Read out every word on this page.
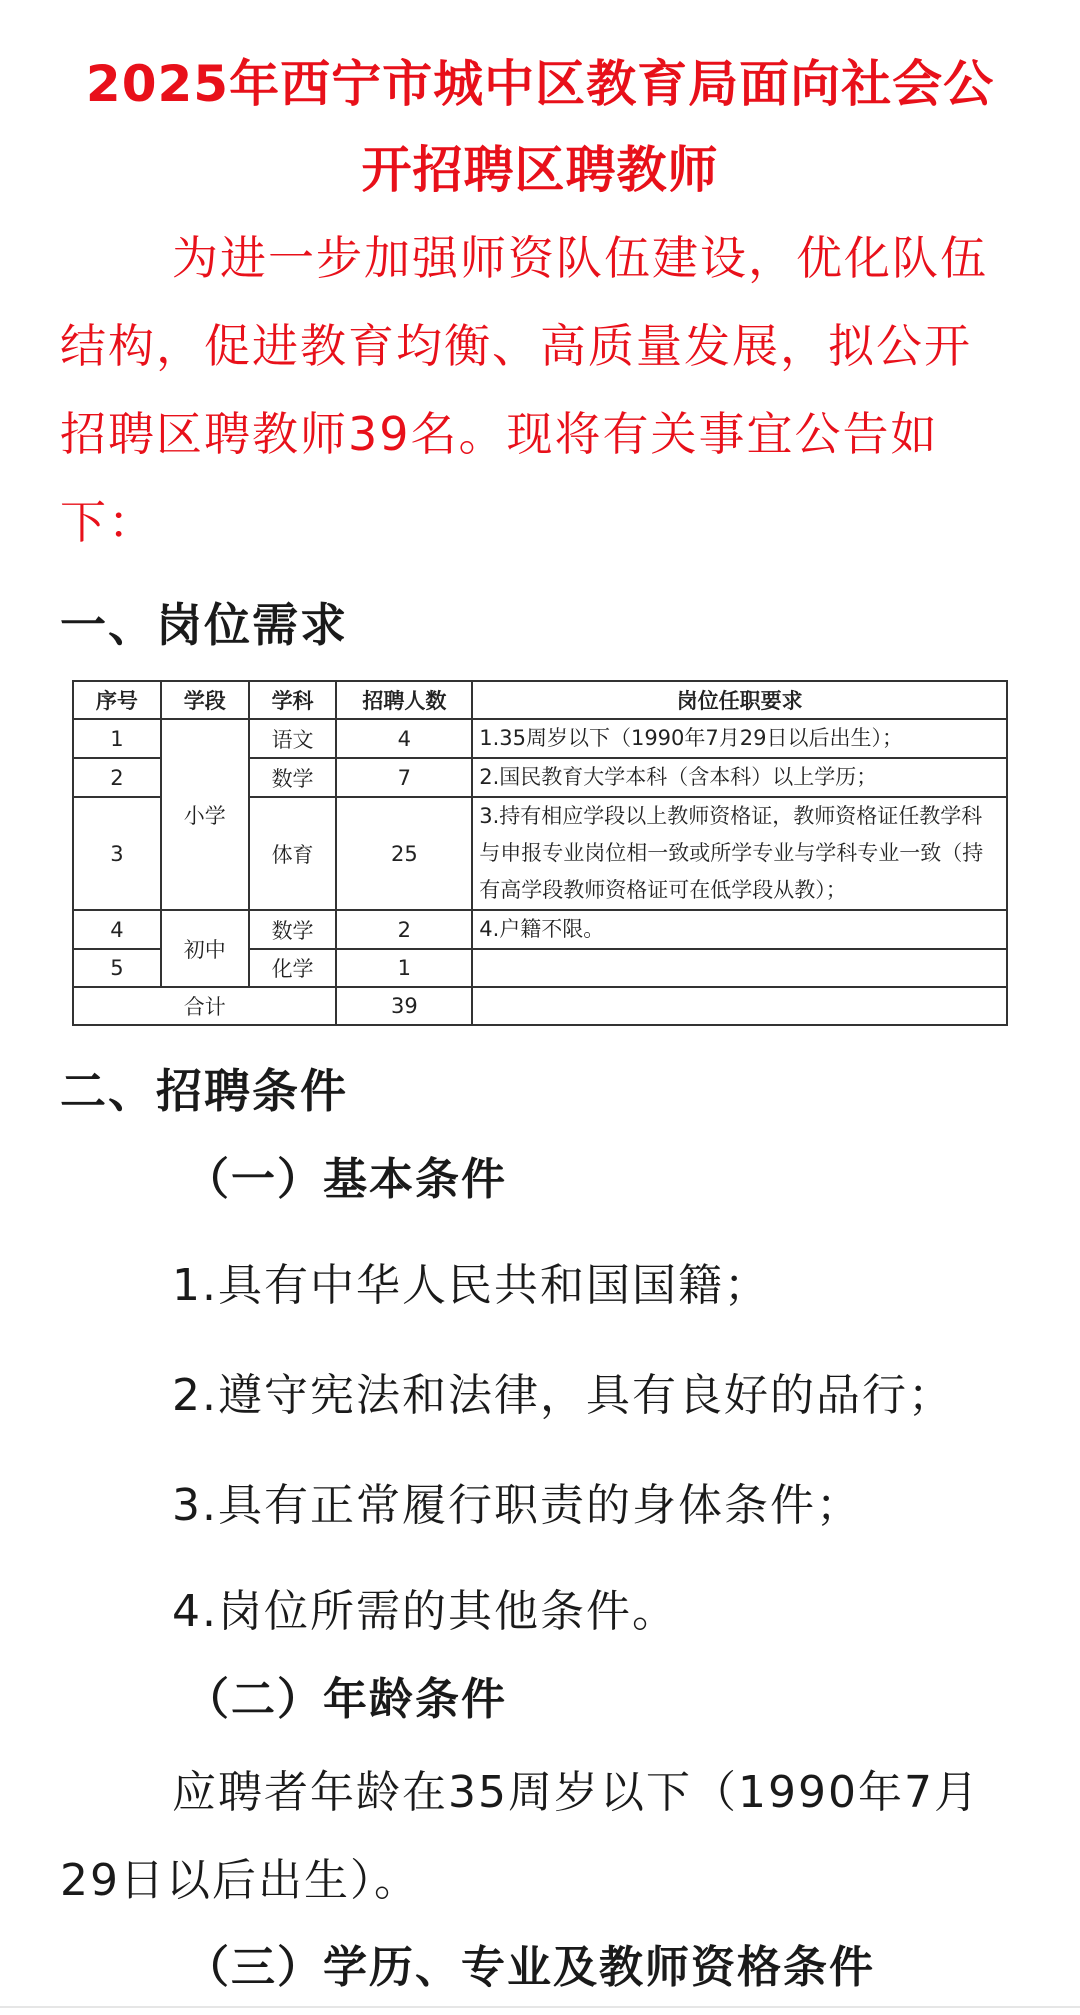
2025年西宁市城中区教育局面向社会公
开招聘区聘教师
为进一步加强师资队伍建设，优化队伍
结构，促进教育均衡、高质量发展，拟公开
招聘区聘教师39名。现将有关事宜公告如
下：
一、岗位需求
序号	学段	学科	招聘人数	岗位任职要求
1	小学	语文	4	1.35周岁以下（1990年7月29日以后出生）；
2		数学	7	2.国民教育大学本科（含本科）以上学历；
3		体育	25	3.持有相应学段以上教师资格证，教师资格证任教学科
与申报专业岗位相一致或所学专业与学科专业一致（持
有高学段教师资格证可在低学段从教）；

4	初中	数学	2	4.户籍不限。
5		化学	1	
合计			39	
二、招聘条件
（一）基本条件
1.具有中华人民共和国国籍；
2.遵守宪法和法律，具有良好的品行；
3.具有正常履行职责的身体条件；
4.岗位所需的其他条件。
（二）年龄条件
应聘者年龄在35周岁以下（1990年7月
29日以后出生）。
（三）学历、专业及教师资格条件
